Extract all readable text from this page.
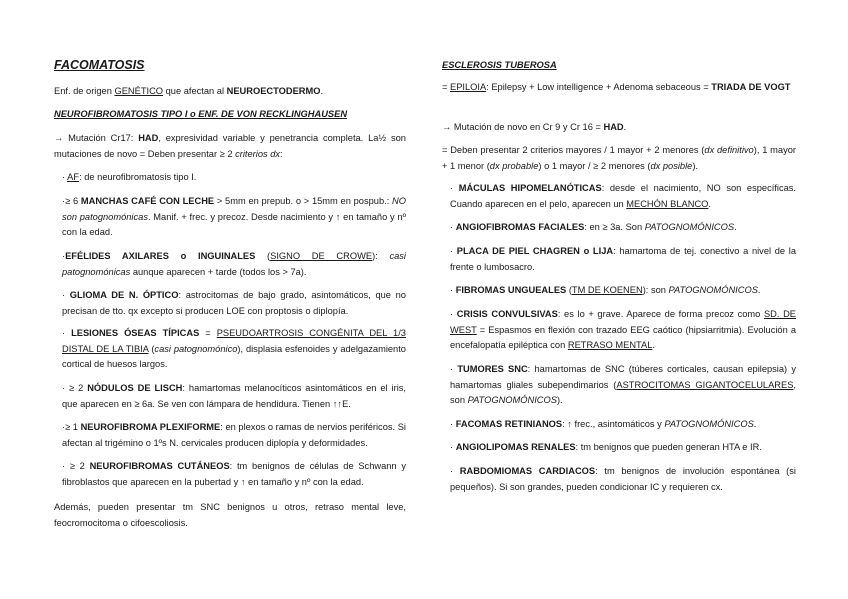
FACOMATOSIS
Enf. de origen GENÉTICO que afectan al NEUROECTODERMO.
NEUROFIBROMATOSIS TIPO I o ENF. DE VON RECKLINGHAUSEN
→ Mutación Cr17: HAD, expresividad variable y penetrancia completa. La½ son mutaciones de novo = Deben presentar ≥ 2 criterios dx:
· AF: de neurofibromatosis tipo I.
·≥ 6 MANCHAS CAFÉ CON LECHE > 5mm en prepub. o > 15mm en pospub.: NO son patognomónicas. Manif. + frec. y precoz. Desde nacimiento y ↑ en tamaño y nº con la edad.
·EFÉLIDES AXILARES o INGUINALES (SIGNO DE CROWE): casi patognomónicas aunque aparecen + tarde (todos los > 7a).
· GLIOMA DE N. ÓPTICO: astrocitomas de bajo grado, asintomáticos, que no precisan de tto. qx excepto si producen LOE con proptosis o diplopía.
· LESIONES ÓSEAS TÍPICAS = PSEUDOARTROSIS CONGÉNITA DEL 1/3 DISTAL DE LA TIBIA (casi patognomónico), displasia esfenoides y adelgazamiento cortical de huesos largos.
· ≥ 2 NÓDULOS DE LISCH: hamartomas melanocíticos asintomáticos en el iris, que aparecen en ≥ 6a. Se ven con lámpara de hendidura. Tienen ↑↑E.
·≥ 1 NEUROFIBROMA PLEXIFORME: en plexos o ramas de nervios periféricos. Si afectan al trigémino o 1ºs N. cervicales producen diplopía y deformidades.
· ≥ 2 NEUROFIBROMAS CUTÁNEOS: tm benignos de células de Schwann y fibroblastos que aparecen en la pubertad y ↑ en tamaño y nº con la edad.
Además, pueden presentar tm SNC benignos u otros, retraso mental leve, feocromocitoma o cifoescoliosis.
ESCLEROSIS TUBEROSA
= EPILOIA: Epilepsy + Low intelligence + Adenoma sebaceous = TRIADA DE VOGT
→ Mutación de novo en Cr 9 y Cr 16 = HAD.
= Deben presentar 2 criterios mayores / 1 mayor + 2 menores (dx definitivo), 1 mayor + 1 menor (dx probable) o 1 mayor / ≥ 2 menores (dx posible).
· MÁCULAS HIPOMELANÓTICAS: desde el nacimiento, NO son específicas. Cuando aparecen en el pelo, aparecen un MECHÓN BLANCO.
· ANGIOFIBROMAS FACIALES: en ≥ 3a. Son PATOGNOMÓNICOS.
· PLACA DE PIEL CHAGREN o LIJA: hamartoma de tej. conectivo a nivel de la frente o lumbosacro.
· FIBROMAS UNGUEALES (TM DE KOENEN): son PATOGNOMÓNICOS.
· CRISIS CONVULSIVAS: es lo + grave. Aparece de forma precoz como SD. DE WEST = Espasmos en flexión con trazado EEG caótico (hipsiarritmia). Evolución a encefalopatía epiléptica con RETRASO MENTAL.
· TUMORES SNC: hamartomas de SNC (túberes corticales, causan epilepsia) y hamartomas gliales subependimarios (ASTROCITOMAS GIGANTOCELULARES, son PATOGNOMÓNICOS).
· FACOMAS RETINIANOS: ↑ frec., asintomáticos y PATOGNOMÓNICOS.
· ANGIOLIPOMAS RENALES: tm benignos que pueden generan HTA e IR.
· RABDOMIOMAS CARDIACOS: tm benignos de involución espontánea (si pequeños). Si son grandes, pueden condicionar IC y requieren cx.
